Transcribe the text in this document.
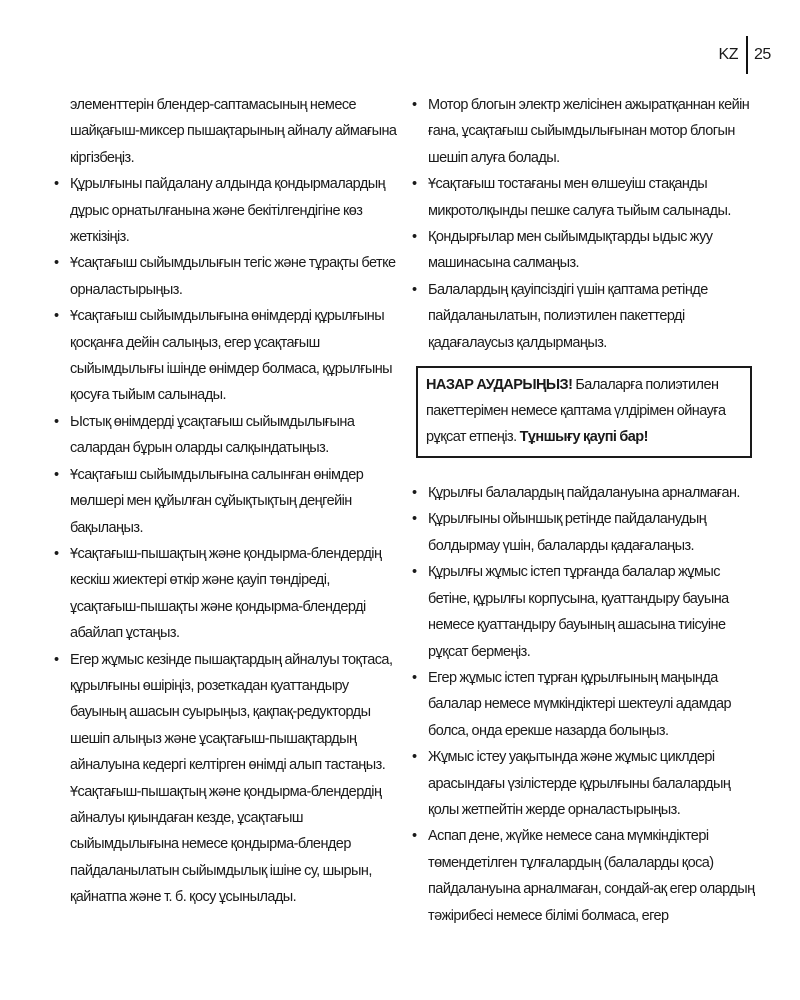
KZ 25
элементтерін блендер-саптамасының немесе шайқағыш-миксер пышақтарының айналу аймағына кіргізбеңіз.
• Құрылғыны пайдалану алдында қондырмалардың дұрыс орнатылғанына және бекітілгендігіне көз жеткізіңіз.
• Ұсақтағыш сыйымдылығын тегіс және тұрақты бетке орналастырыңыз.
• Ұсақтағыш сыйымдылығына өнімдерді құрылғыны қосқанға дейін салыңыз, егер ұсақтағыш сыйымдылығы ішінде өнімдер болмаса, құрылғыны қосуға тыйым салынады.
• Ыстық өнімдерді ұсақтағыш сыйымдылығына салардан бұрын оларды салқындатыңыз.
• Ұсақтағыш сыйымдылығына салынған өнімдер мөлшері мен құйылған сұйықтықтың деңгейін бақылаңыз.
• Ұсақтағыш-пышақтың және қондырма-блендердің кескіш жиектері өткір және қауіп төндіреді, ұсақтағыш-пышақты және қондырма-блендерді абайлап ұстаңыз.
• Егер жұмыс кезінде пышақтардың айналуы тоқтаса, құрылғыны өшіріңіз, розеткадан қуаттандыру бауының ашасын суырыңыз, қақпақ-редукторды шешіп алыңыз және ұсақтағыш-пышақтардың айналуына кедергі келтірген өнімді алып тастаңыз. Ұсақтағыш-пышақтың және қондырма-блендердің айналуы қиындаған кезде, ұсақтағыш сыйымдылығына немесе қондырма-блендер пайдаланылатын сыйымдылық ішіне су, шырын, қайнатпа және т. б. қосу ұсынылады.
• Мотор блогын электр желісінен ажыратқаннан кейін ғана, ұсақтағыш сыйымдылығынан мотор блогын шешіп алуға болады.
• Ұсақтағыш тостағаны мен өлшеуіш стақанды микротолқынды пешке салуға тыйым салынады.
• Қондырғылар мен сыйымдықтарды ыдыс жуу машинасына салмаңыз.
• Балалардың қауіпсіздігі үшін қаптама ретінде пайдаланылатын, полиэтилен пакеттерді қадағалаусыз қалдырмаңыз.
НАЗАР АУДАРЫҢЫЗ! Балаларға полиэтилен пакеттерімен немесе қаптама үлдірімен ойнауға рұқсат етпеңіз. Тұншығу қаупі бар!
• Құрылғы балалардың пайдалануына арналмаған.
• Құрылғыны ойыншық ретінде пайдаланудың болдырмау үшін, балаларды қадағалаңыз.
• Құрылғы жұмыс істеп тұрғанда балалар жұмыс бетіне, құрылғы корпусына, қуаттандыру бауына немесе қуаттандыру бауының ашасына тиісуіне рұқсат бермеңіз.
• Егер жұмыс істеп тұрған құрылғының маңында балалар немесе мүмкіндіктері шектеулі адамдар болса, онда ерекше назарда болыңыз.
• Жұмыс істеу уақытында және жұмыс циклдері арасындағы үзілістерде құрылғыны балалардың қолы жетпейтін жерде орналастырыңыз.
• Аспап дене, жүйке немесе сана мүмкіндіктері төмендетілген тұлғалардың (балаларды қоса) пайдалануына арналмаған, сондай-ақ егер олардың тәжірибесі немесе білімі болмаса, егер
